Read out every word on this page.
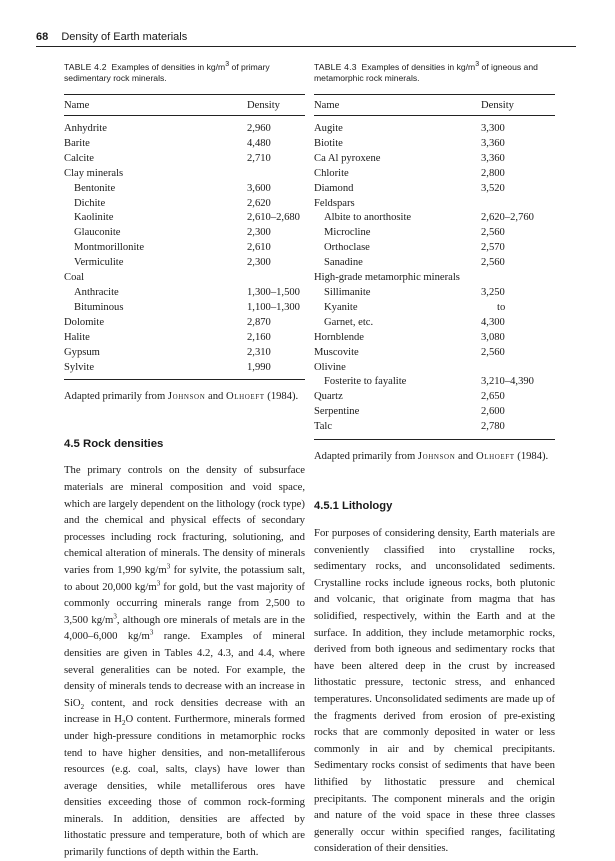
68 Density of Earth materials
TABLE 4.2 Examples of densities in $kg/m^3$ of primary sedimentary rock minerals.
Name	Density
Anhydrite	2,960
Barite	4,480
Calcite	2,710
Clay minerals	
Bentonite	3,600
Dichite	2,620
Kaolinite	2,610–2,680
Glauconite	2,300
Montmorillonite	2,610
Vermiculite	2,300
Coal	
Anthracite	1,300–1,500
Bituminous	1,100–1,300
Dolomite	2,870
Halite	2,160
Gypsum	2,310
Sylvite	1,990

Adapted primarily from Johnson and Olhoeft (1984).

4.5 Rock densities

The primary controls on the density of subsurface materials are mineral composition and void space, which are largely dependent on the lithology (rock type) and the chemical and physical effects of secondary processes including rock fracturing, solutioning, and chemical alteration of minerals. The density of minerals varies from 1,990 $kg/m^3$ for sylvite, the potassium salt, to about 20,000 $kg/m^3$ for gold, but the vast majority of commonly occurring minerals range from 2,500 to 3,500 $kg/m^3$, although ore minerals of metals are in the 4,000–6,000 $kg/m^3$ range. Examples of mineral densities are given in Tables 4.2, 4.3, and 4.4, where several generalities can be noted. For example, the density of minerals tends to decrease with an increase in SiO$_2$ content, and rock densities decrease with an increase in $H_2O$ content. Furthermore, minerals formed under high-pressure conditions in metamorphic rocks tend to have higher densities, and non-metalliferous resources (e.g. coal, salts, clays) have lower than average densities, while metalliferous ores have densities exceeding those of common rock-forming minerals. In addition, densities are affected by lithostatic pressure and temperature, both of which are primarily functions of depth within the Earth.

TABLE 4.3 Examples of densities in $kg/m^3$ of igneous and metamorphic rock minerals.
Name	Density
Augite	3,300
Biotite	3,360
Ca Al pyroxene	3,360
Chlorite	2,800
Diamond	3,520
Feldspars	
Albite to anorthosite	2,620–2,760
Microcline	2,560
Orthoclase	2,570
Sanadine	2,560
High-grade metamorphic minerals	
Sillimanite	3,250
Kyanite	to
Garnet, etc.	4,300
Hornblende	3,080
Muscovite	2,560
Olivine	
Fosterite to fayalite	3,210–4,390
Quartz	2,650
Serpentine	2,600
Talc	2,780

Adapted primarily from Johnson and Olhoeft (1984).

4.5.1 Lithology

For purposes of considering density, Earth materials are conveniently classified into crystalline rocks, sedimentary rocks, and unconsolidated sediments. Crystalline rocks include igneous rocks, both plutonic and volcanic, that originate from magma that has solidified, respectively, within the Earth and at the surface. In addition, they include metamorphic rocks, derived from both igneous and sedimentary rocks that have been altered deep in the crust by increased lithostatic pressure, tectonic stress, and enhanced temperatures. Unconsolidated sediments are made up of the fragments derived from erosion of pre-existing rocks that are commonly deposited in water or less commonly in air and by chemical precipitants. Sedimentary rocks consist of sediments that have been lithified by lithostatic pressure and chemical precipitants. The component minerals and the origin and nature of the void space in these three classes generally occur within specified ranges, facilitating consideration of their densities.
